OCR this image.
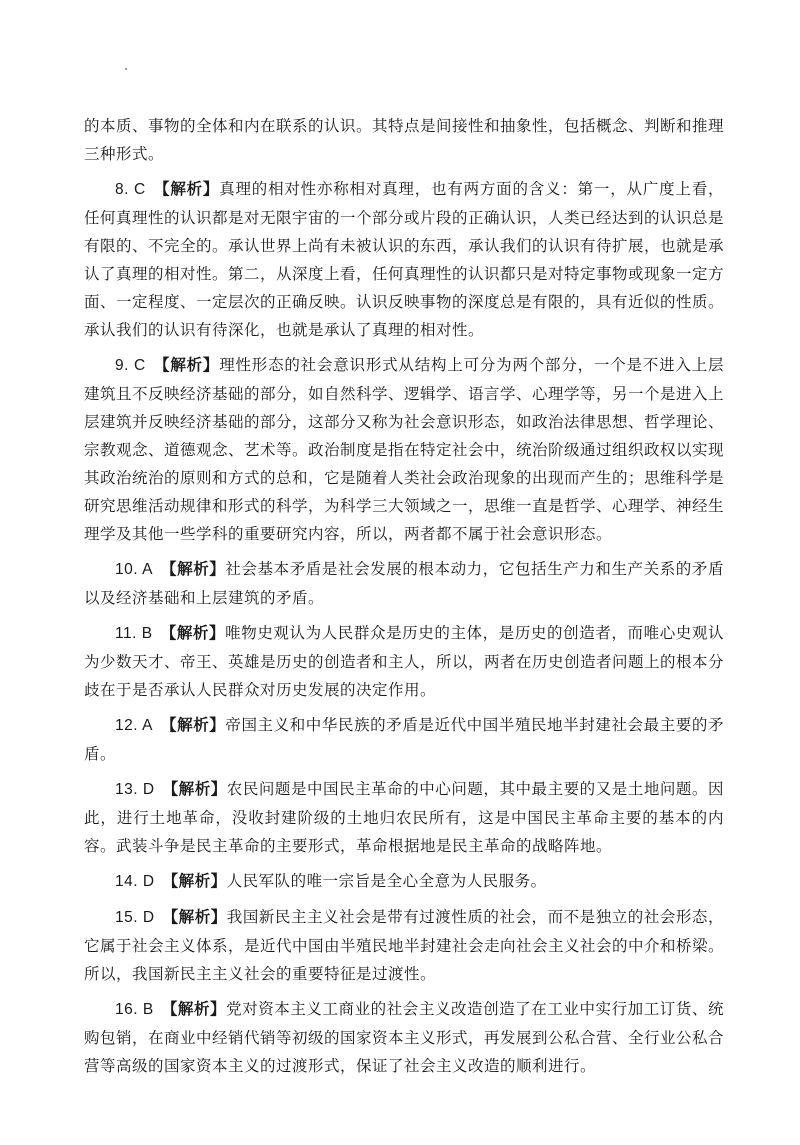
的本质、事物的全体和内在联系的认识。其特点是间接性和抽象性，包括概念、判断和推理三种形式。

8. C 【解析】真理的相对性亦称相对真理，也有两方面的含义：第一，从广度上看，任何真理性的认识都是对无限宇宙的一个部分或片段的正确认识，人类已经达到的认识总是有限的、不完全的。承认世界上尚有未被认识的东西，承认我们的认识有待扩展，也就是承认了真理的相对性。第二，从深度上看，任何真理性的认识都只是对特定事物或现象一定方面、一定程度、一定层次的正确反映。认识反映事物的深度总是有限的，具有近似的性质。承认我们的认识有待深化，也就是承认了真理的相对性。

9. C 【解析】理性形态的社会意识形式从结构上可分为两个部分，一个是不进入上层建筑且不反映经济基础的部分，如自然科学、逻辑学、语言学、心理学等，另一个是进入上层建筑并反映经济基础的部分，这部分又称为社会意识形态，如政治法律思想、哲学理论、宗教观念、道德观念、艺术等。政治制度是指在特定社会中，统治阶级通过组织政权以实现其政治统治的原则和方式的总和，它是随着人类社会政治现象的出现而产生的；思维科学是研究思维活动规律和形式的科学，为科学三大领域之一，思维一直是哲学、心理学、神经生理学及其他一些学科的重要研究内容，所以，两者都不属于社会意识形态。

10. A 【解析】社会基本矛盾是社会发展的根本动力，它包括生产力和生产关系的矛盾以及经济基础和上层建筑的矛盾。

11. B 【解析】唯物史观认为人民群众是历史的主体，是历史的创造者，而唯心史观认为少数天才、帝王、英雄是历史的创造者和主人，所以，两者在历史创造者问题上的根本分歧在于是否承认人民群众对历史发展的决定作用。

12. A 【解析】帝国主义和中华民族的矛盾是近代中国半殖民地半封建社会最主要的矛盾。

13. D 【解析】农民问题是中国民主革命的中心问题，其中最主要的又是土地问题。因此，进行土地革命，没收封建阶级的土地归农民所有，这是中国民主革命主要的基本的内容。武装斗争是民主革命的主要形式，革命根据地是民主革命的战略阵地。

14. D 【解析】人民军队的唯一宗旨是全心全意为人民服务。

15. D 【解析】我国新民主主义社会是带有过渡性质的社会，而不是独立的社会形态，它属于社会主义体系，是近代中国由半殖民地半封建社会走向社会主义社会的中介和桥梁。所以，我国新民主主义社会的重要特征是过渡性。

16. B 【解析】党对资本主义工商业的社会主义改造创造了在工业中实行加工订货、统购包销，在商业中经销代销等初级的国家资本主义形式，再发展到公私合营、全行业公私合营等高级的国家资本主义的过渡形式，保证了社会主义改造的顺利进行。
